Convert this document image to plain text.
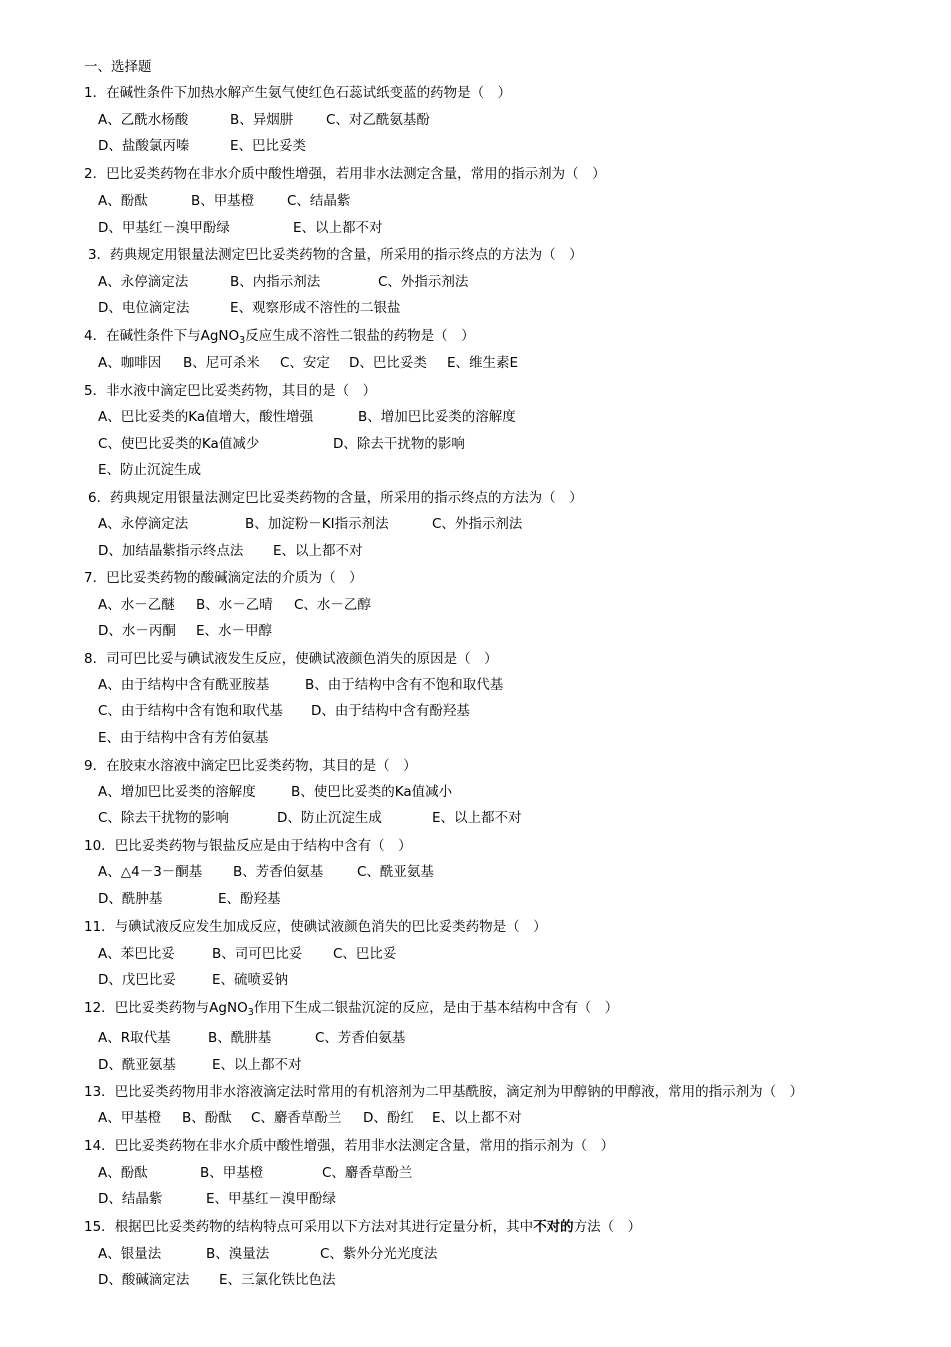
一、选择题
1．在碱性条件下加热水解产生氨气使红色石蕊试纸变蓝的药物是（　）
A、乙酰水杨酸	B、异烟肼 C、对乙酰氨基酚
D、盐酸氯丙嗪	E、巴比妥类
2．巴比妥类药物在非水介质中酸性增强，若用非水法测定含量，常用的指示剂为（　）
A、酚酞	B、甲基橙 C、结晶紫
D、甲基红－溴甲酚绿	E、以上都不对
3．药典规定用银量法测定巴比妥类药物的含量，所采用的指示终点的方法为（　）
A、永停滴定法	B、内指示剂法	C、外指示剂法
D、电位滴定法	E、观察形成不溶性的二银盐
4．在碱性条件下与AgNO$_3$反应生成不溶性二银盐的药物是（　）
A、咖啡因 B、尼可杀米 C、安定 D、巴比妥类 E、维生素E
5．非水液中滴定巴比妥类药物，其目的是（　）
A、巴比妥类的Ka值增大，酸性增强	B、增加巴比妥类的溶解度
C、使巴比妥类的Ka值减少	D、除去干扰物的影响
E、防止沉淀生成
6．药典规定用银量法测定巴比妥类药物的含量，所采用的指示终点的方法为（　）
A、永停滴定法	B、加淀粉－KI指示剂法	C、外指示剂法
D、加结晶紫指示终点法 E、以上都不对
7．巴比妥类药物的酸碱滴定法的介质为（　）
A、水－乙醚 B、水－乙晴 C、水－乙醇
D、水－丙酮 E、水－甲醇
8．司可巴比妥与碘试液发生反应，使碘试液颜色消失的原因是（　）
A、由于结构中含有酰亚胺基	B、由于结构中含有不饱和取代基
C、由于结构中含有饱和取代基 D、由于结构中含有酚羟基
E、由于结构中含有芳伯氨基
9．在胶束水溶液中滴定巴比妥类药物，其目的是（　）
A、增加巴比妥类的溶解度	B、使巴比妥类的Ka值减小
C、除去干扰物的影响	D、防止沉淀生成	E、以上都不对
10．巴比妥类药物与银盐反应是由于结构中含有（　）
A、△4－3－酮基 B、芳香伯氨基 C、酰亚氨基
D、酰肿基	E、酚羟基
11．与碘试液反应发生加成反应，使碘试液颜色消失的巴比妥类药物是（　）
A、苯巴比妥	B、司可巴比妥 C、巴比妥
D、戊巴比妥	E、硫喷妥钠
12．巴比妥类药物与AgNO$_3$作用下生成二银盐沉淀的反应，是由于基本结构中含有（　）
A、R取代基	B、酰肼基	C、芳香伯氨基
D、酰亚氨基	E、以上都不对
13．巴比妥类药物用非水溶液滴定法时常用的有机溶剂为二甲基酰胺，滴定剂为甲醇钠的甲醇液，常用的指示剂为（　）
A、甲基橙 B、酚酞 C、麝香草酚兰 D、酚红 E、以上都不对
14．巴比妥类药物在非水介质中酸性增强，若用非水法测定含量，常用的指示剂为（　）
A、酚酞	B、甲基橙	C、麝香草酚兰
D、结晶紫	E、甲基红－溴甲酚绿
15．根据巴比妥类药物的结构特点可采用以下方法对其进行定量分析，其中不对的方法（　）
A、银量法	B、溴量法	C、紫外分光光度法
D、酸碱滴定法 E、三氯化铁比色法
